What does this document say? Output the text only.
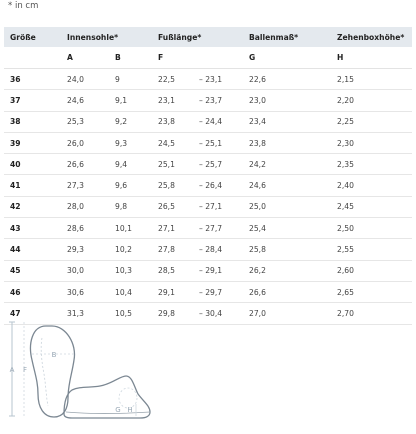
* in cm
Größe	Innensohle*		Fußlänge*		Ballenmaß*	Zehenboxhöhe*
	A	B	F		G	H
36	24,0	9	22,5	– 23,1	22,6	2,15
37	24,6	9,1	23,1	– 23,7	23,0	2,20
38	25,3	9,2	23,8	– 24,4	23,4	2,25
39	26,0	9,3	24,5	– 25,1	23,8	2,30
40	26,6	9,4	25,1	– 25,7	24,2	2,35
41	27,3	9,6	25,8	– 26,4	24,6	2,40
42	28,0	9,8	26,5	– 27,1	25,0	2,45
43	28,6	10,1	27,1	– 27,7	25,4	2,50
44	29,3	10,2	27,8	– 28,4	25,8	2,55
45	30,0	10,3	28,5	– 29,1	26,2	2,60
46	30,6	10,4	29,1	– 29,7	26,6	2,65
47	31,3	10,5	29,8	– 30,4	27,0	2,70
A F
B
G H
